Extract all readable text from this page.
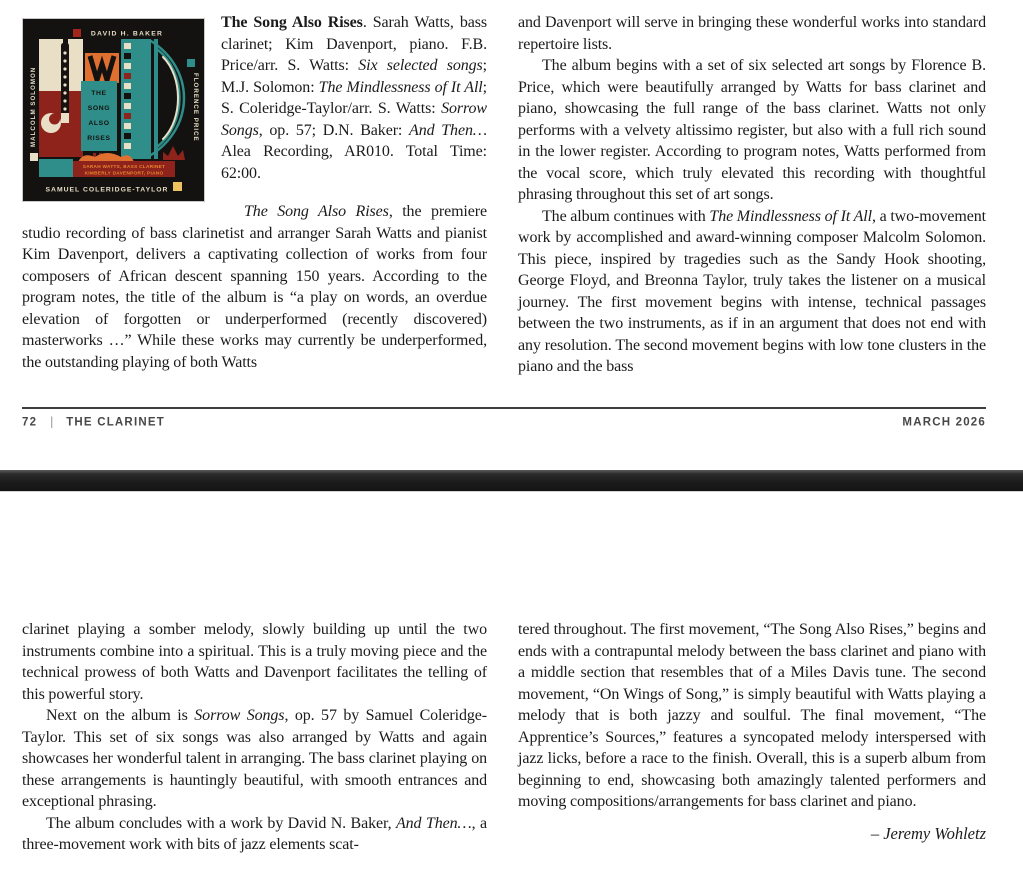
THE
SONG
ALSO
RISES
SARAH WATTS, BASS CLARINET
KIMBERLY DAVENPORT, PIANO
DAVID H. BAKER
MALCOLM SOLOMON	FLORENCE PRICE
SAMUEL COLERIDGE-TAYLOR
The Song Also Rises. Sarah Watts, bass clarinet; Kim Davenport, piano. F.B. Price/arr. S. Watts: Six selected songs; M.J. Solomon: The Mindlessness of It All; S. Coleridge-Taylor/arr. S. Watts: Sorrow Songs, op. 57; D.N. Baker: And Then… Alea Recording, AR010. Total Time: 62:00.

The Song Also Rises, the premiere studio recording of bass clarinetist and arranger Sarah Watts and pianist Kim Davenport, delivers a captivating collection of works from four composers of African descent spanning 150 years. According to the program notes, the title of the album is “a play on words, an overdue elevation of forgotten or underperformed (recently discovered) masterworks …” While these works may currently be underperformed, the outstanding playing of both Watts

and Davenport will serve in bringing these wonderful works into standard repertoire lists.

The album begins with a set of six selected art songs by Florence B. Price, which were beautifully arranged by Watts for bass clarinet and piano, showcasing the full range of the bass clarinet. Watts not only performs with a velvety altissimo register, but also with a full rich sound in the lower register. According to program notes, Watts performed from the vocal score, which truly elevated this recording with thoughtful phrasing throughout this set of art songs.

The album continues with The Mindlessness of It All, a two-movement work by accomplished and award-winning composer Malcolm Solomon. This piece, inspired by tragedies such as the Sandy Hook shooting, George Floyd, and Breonna Taylor, truly takes the listener on a musical journey. The first movement begins with intense, technical passages between the two instruments, as if in an argument that does not end with any resolution. The second movement begins with low tone clusters in the piano and the bass

72 | THE CLARINET	MARCH 2026

clarinet playing a somber melody, slowly building up until the two instruments combine into a spiritual. This is a truly moving piece and the technical prowess of both Watts and Davenport facilitates the telling of this powerful story.

Next on the album is Sorrow Songs, op. 57 by Samuel Coleridge-Taylor. This set of six songs was also arranged by Watts and again showcases her wonderful talent in arranging. The bass clarinet playing on these arrangements is hauntingly beautiful, with smooth entrances and exceptional phrasing.

The album concludes with a work by David N. Baker, And Then…, a three-movement work with bits of jazz elements scat-

tered throughout. The first movement, “The Song Also Rises,” begins and ends with a contrapuntal melody between the bass clarinet and piano with a middle section that resembles that of a Miles Davis tune. The second movement, “On Wings of Song,” is simply beautiful with Watts playing a melody that is both jazzy and soulful. The final movement, “The Apprentice’s Sources,” features a syncopated melody interspersed with jazz licks, before a race to the finish. Overall, this is a superb album from beginning to end, showcasing both amazingly talented performers and moving compositions/arrangements for bass clarinet and piano.

– Jeremy Wohletz
